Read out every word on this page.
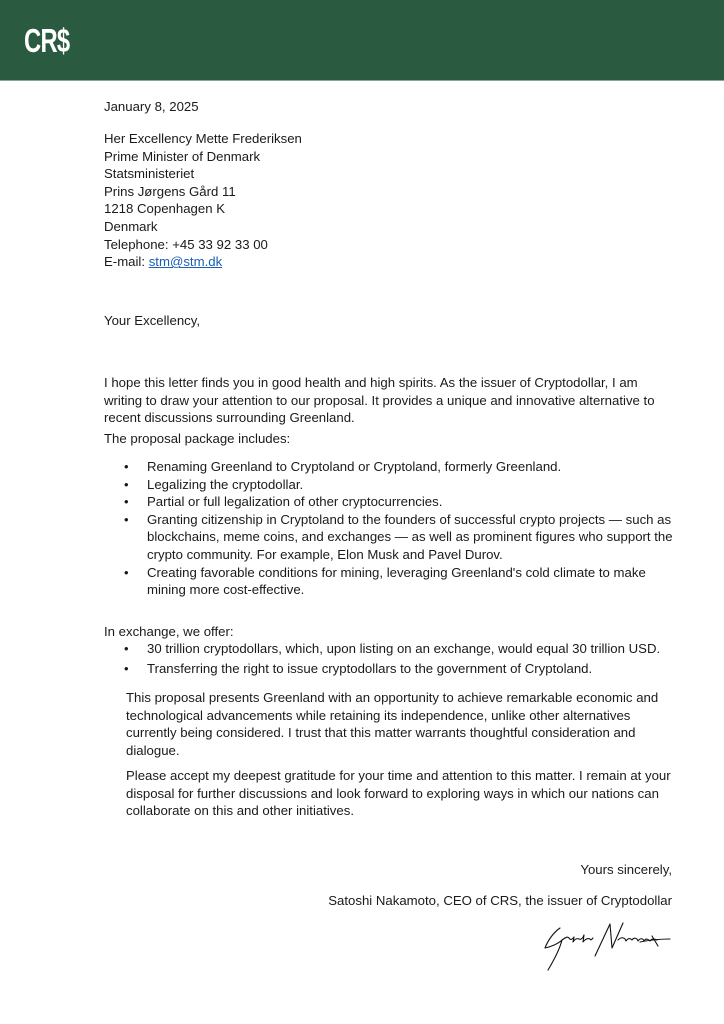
CR$
January 8, 2025
Her Excellency Mette Frederiksen
Prime Minister of Denmark
Statsministeriet
Prins Jørgens Gård 11
1218 Copenhagen K
Denmark
Telephone: +45 33 92 33 00
E-mail: stm@stm.dk
Your Excellency,

I hope this letter finds you in good health and high spirits. As the issuer of Cryptodollar, I am writing to draw your attention to our proposal. It provides a unique and innovative alternative to recent discussions surrounding Greenland.

The proposal package includes:
• Renaming Greenland to Cryptoland or Cryptoland, formerly Greenland.
• Legalizing the cryptodollar.
• Partial or full legalization of other cryptocurrencies.
• Granting citizenship in Cryptoland to the founders of successful crypto projects — such as blockchains, meme coins, and exchanges — as well as prominent figures who support the crypto community. For example, Elon Musk and Pavel Durov.
• Creating favorable conditions for mining, leveraging Greenland's cold climate to make mining more cost-effective.
In exchange, we offer:
• 30 trillion cryptodollars, which, upon listing on an exchange, would equal 30 trillion USD.
• Transferring the right to issue cryptodollars to the government of Cryptoland.

This proposal presents Greenland with an opportunity to achieve remarkable economic and technological advancements while retaining its independence, unlike other alternatives currently being considered. I trust that this matter warrants thoughtful consideration and dialogue.

Please accept my deepest gratitude for your time and attention to this matter. I remain at your disposal for further discussions and look forward to exploring ways in which our nations can collaborate on this and other initiatives.

Yours sincerely,
Satoshi Nakamoto, CEO of CRS, the issuer of Cryptodollar
